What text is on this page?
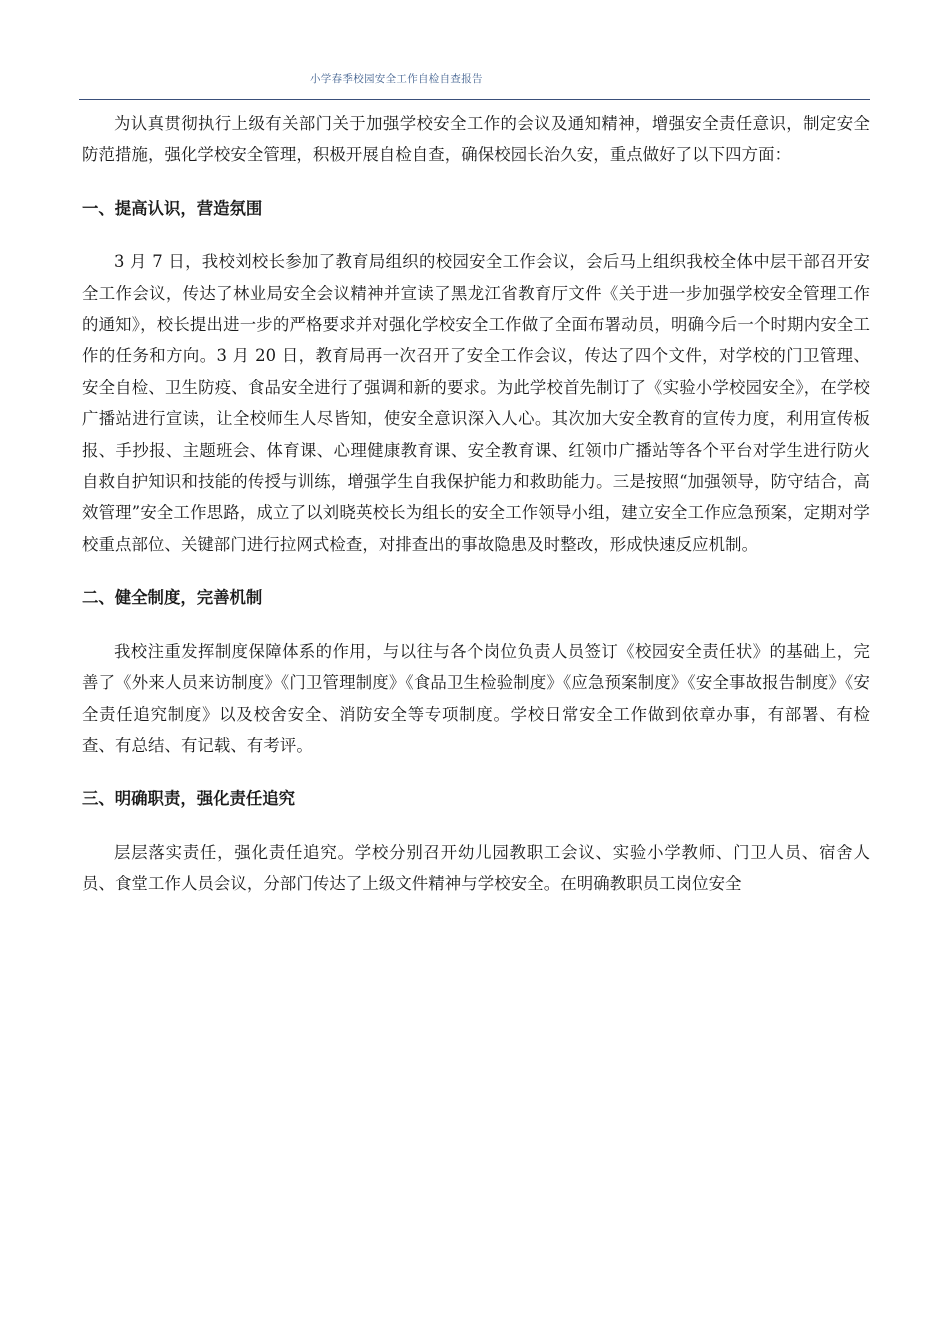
小学春季校园安全工作自检自查报告

为认真贯彻执行上级有关部门关于加强学校安全工作的会议及通知精神，增强安全责任意识，制定安全防范措施，强化学校安全管理，积极开展自检自查，确保校园长治久安，重点做好了以下四方面：

一、提高认识，营造氛围

3 月 7 日，我校刘校长参加了教育局组织的校园安全工作会议，会后马上组织我校全体中层干部召开安全工作会议，传达了林业局安全会议精神并宣读了黑龙江省教育厅文件《关于进一步加强学校安全管理工作的通知》，校长提出进一步的严格要求并对强化学校安全工作做了全面布署动员，明确今后一个时期内安全工作的任务和方向。3 月 20 日，教育局再一次召开了安全工作会议，传达了四个文件，对学校的门卫管理、安全自检、卫生防疫、食品安全进行了强调和新的要求。为此学校首先制订了《实验小学校园安全》，在学校广播站进行宣读，让全校师生人尽皆知，使安全意识深入人心。其次加大安全教育的宣传力度，利用宣传板报、手抄报、主题班会、体育课、心理健康教育课、安全教育课、红领巾广播站等各个平台对学生进行防火自救自护知识和技能的传授与训练，增强学生自我保护能力和救助能力。三是按照“加强领导，防守结合，高效管理”安全工作思路，成立了以刘晓英校长为组长的安全工作领导小组，建立安全工作应急预案，定期对学校重点部位、关键部门进行拉网式检查，对排查出的事故隐患及时整改，形成快速反应机制。

二、健全制度，完善机制

我校注重发挥制度保障体系的作用，与以往与各个岗位负责人员签订《校园安全责任状》的基础上，完善了《外来人员来访制度》《门卫管理制度》《食品卫生检验制度》《应急预案制度》《安全事故报告制度》《安全责任追究制度》以及校舍安全、消防安全等专项制度。学校日常安全工作做到依章办事，有部署、有检查、有总结、有记载、有考评。

三、明确职责，强化责任追究

层层落实责任，强化责任追究。学校分别召开幼儿园教职工会议、实验小学教师、门卫人员、宿舍人员、食堂工作人员会议，分部门传达了上级文件精神与学校安全。在明确教职员工岗位安全
